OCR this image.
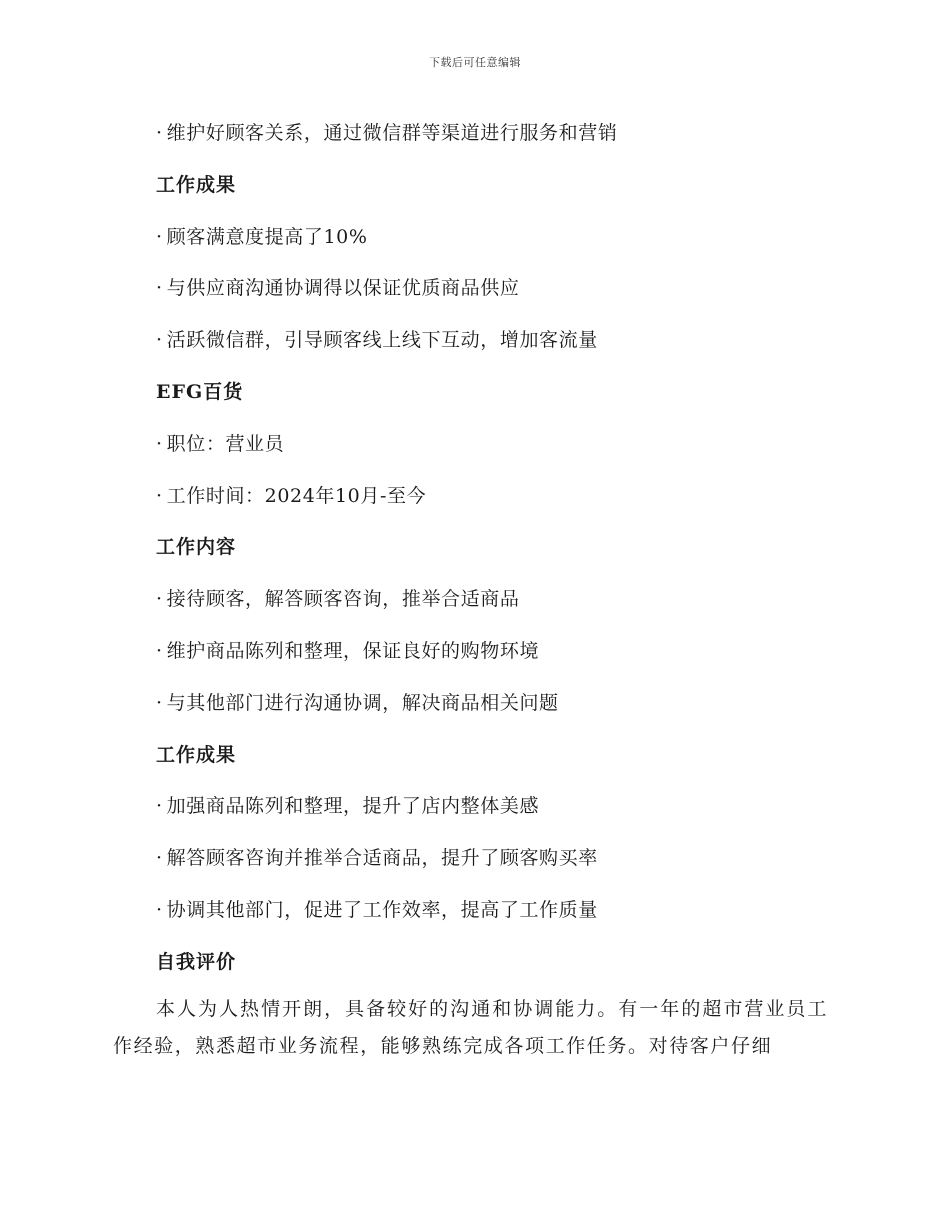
下载后可任意编辑
· 维护好顾客关系，通过微信群等渠道进行服务和营销
工作成果
· 顾客满意度提高了10%
· 与供应商沟通协调得以保证优质商品供应
· 活跃微信群，引导顾客线上线下互动，增加客流量
EFG百货
· 职位：营业员
· 工作时间：2024年10月-至今
工作内容
· 接待顾客，解答顾客咨询，推举合适商品
· 维护商品陈列和整理，保证良好的购物环境
· 与其他部门进行沟通协调，解决商品相关问题
工作成果
· 加强商品陈列和整理，提升了店内整体美感
· 解答顾客咨询并推举合适商品，提升了顾客购买率
· 协调其他部门，促进了工作效率，提高了工作质量
自我评价
本人为人热情开朗，具备较好的沟通和协调能力。有一年的超市营业员工作经验，熟悉超市业务流程，能够熟练完成各项工作任务。对待客户仔细
